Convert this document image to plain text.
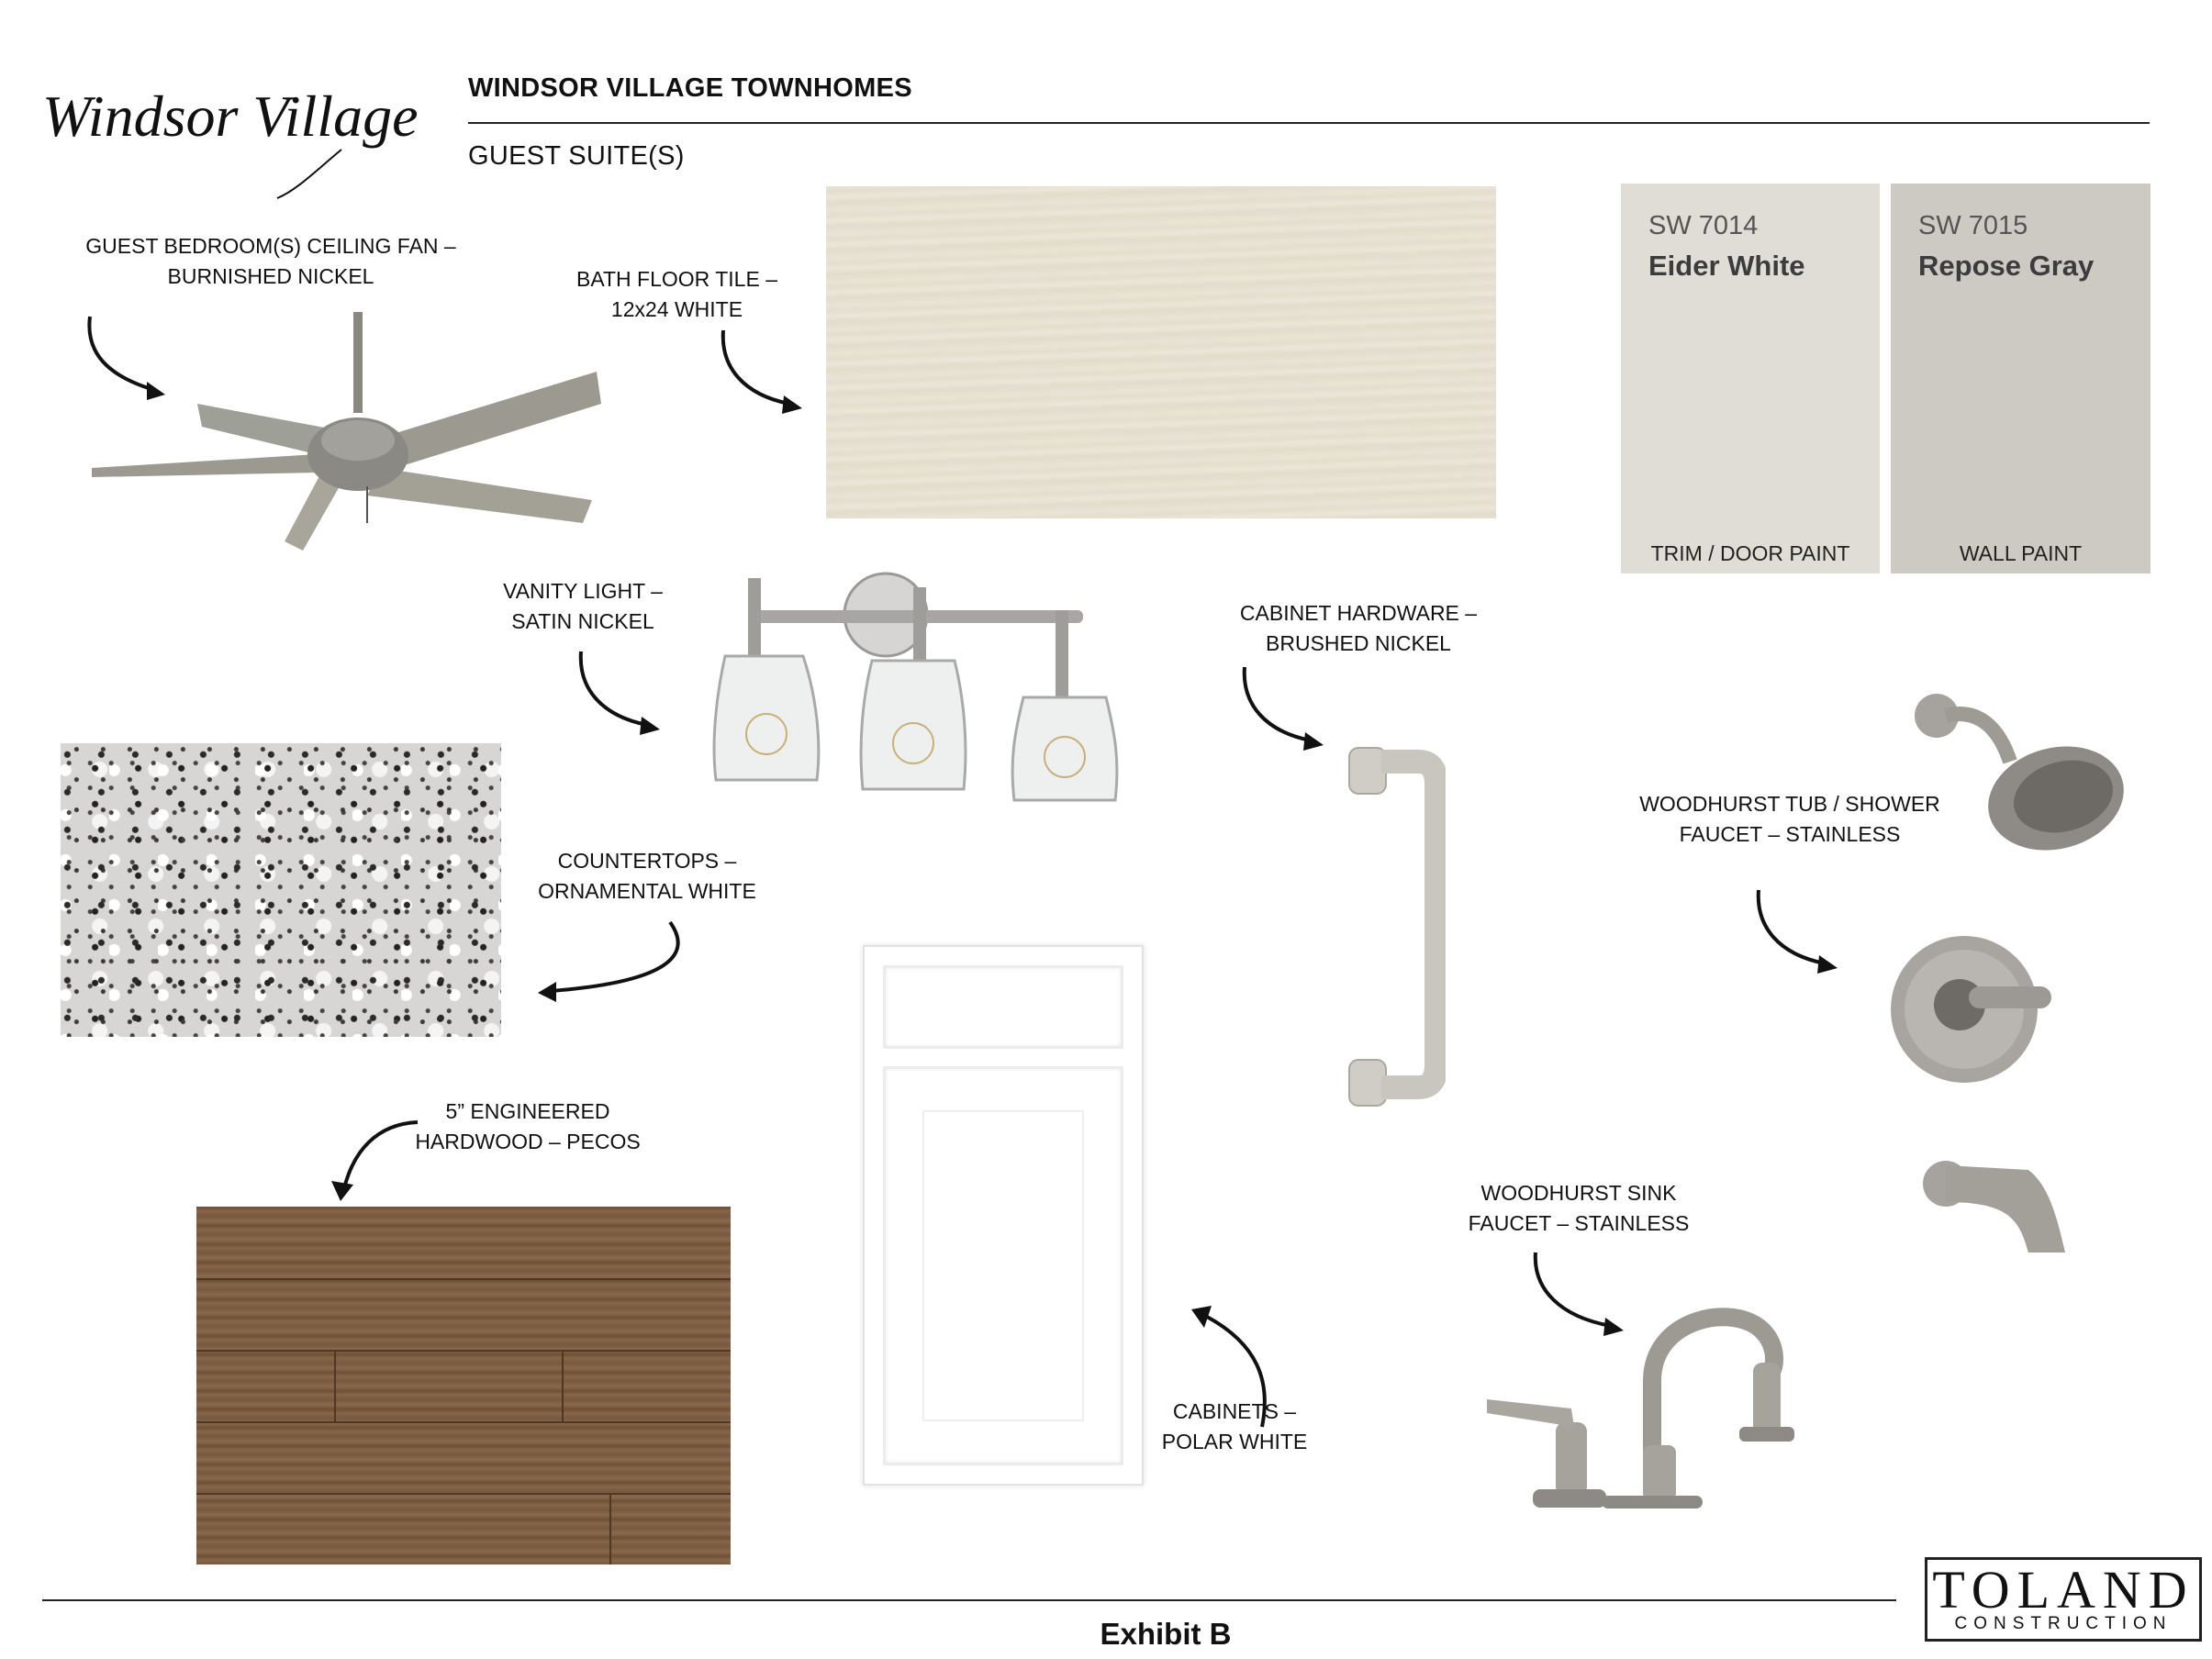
Windsor Village WINDSOR VILLAGE TOWNHOMES
GUEST SUITE(S)
GUEST BEDROOM(S) CEILING FAN –
BURNISHED NICKEL	BATH FLOOR TILE –
12x24 WHITE
SW 7014
Eider White
TRIM / DOOR PAINT
SW 7015
Repose Gray
WALL PAINT
VANITY LIGHT –
SATIN NICKEL	CABINET HARDWARE –
BRUSHED NICKEL
WOODHURST TUB / SHOWER
FAUCET – STAINLESS
COUNTERTOPS –
ORNAMENTAL WHITE
5” ENGINEERED
HARDWOOD – PECOS
CABINETS –
POLAR WHITE
WOODHURST SINK
FAUCET – STAINLESS
Exhibit B
TOLAND
CONSTRUCTION
